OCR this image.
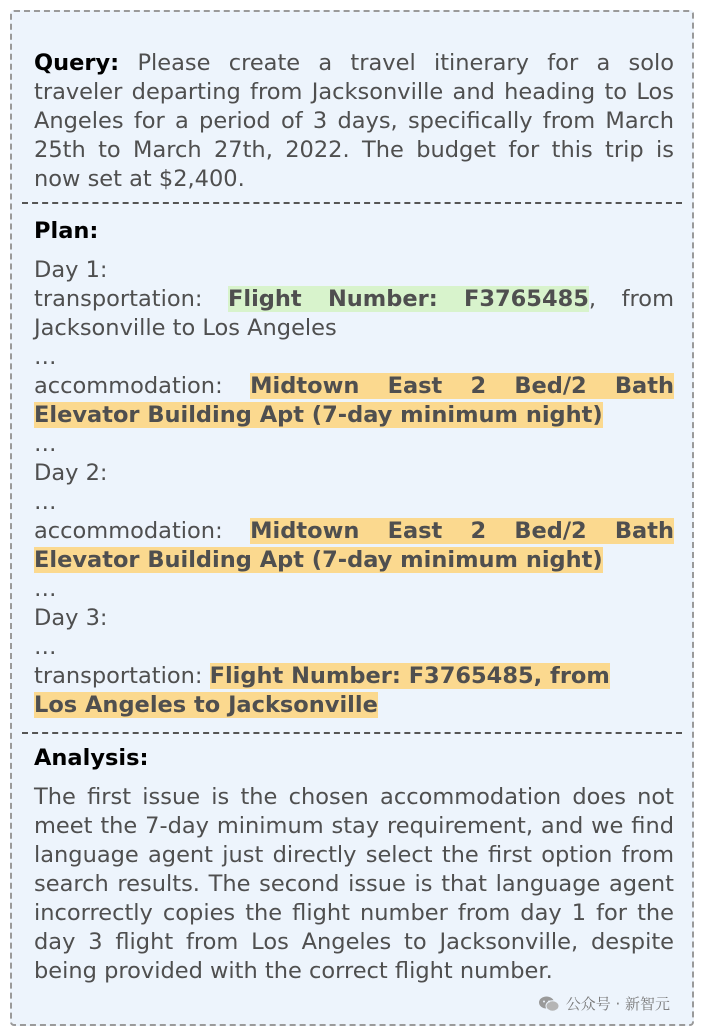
Query: Please create a travel itinerary for a solo traveler departing from Jacksonville and heading to Los Angeles for a period of 3 days, specifically from March 25th to March 27th, 2022. The budget for this trip is now set at $2,400.
Plan:
Day 1:
transportation: Flight Number: F3765485, from
Jacksonville to Los Angeles
…
accommodation: Midtown East 2 Bed/2 Bath
Elevator Building Apt (7-day minimum night)
…
Day 2:
…
accommodation: Midtown East 2 Bed/2 Bath
Elevator Building Apt (7-day minimum night)
…
Day 3:
…
transportation: Flight Number: F3765485, from
Los Angeles to Jacksonville
Analysis:
The first issue is the chosen accommodation does not meet the 7-day minimum stay requirement, and we find language agent just directly select the first option from search results. The second issue is that language agent incorrectly copies the flight number from day 1 for the day 3 flight from Los Angeles to Jacksonville, despite being provided with the correct flight number.
公众号 · 新智元
